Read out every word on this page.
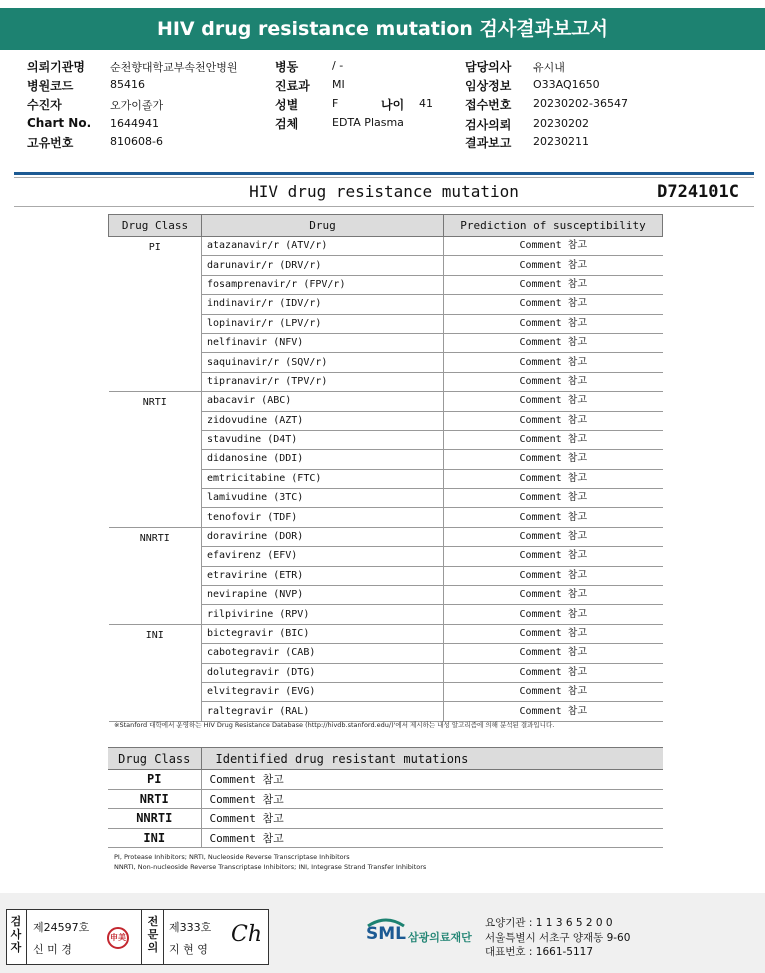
HIV drug resistance mutation 검사결과보고서
의뢰기관명 순천향대학교부속천안병원
병원코드	85416
수진자	오가이졸가
Chart No. 1644941
고유번호	810608-6
병동	/ -
진료과 MI
성별	F	나이 41
검체	EDTA Plasma
담당의사 유시내
임상정보 O33AQ1650
접수번호 20230202-36547
검사의뢰 20230202
결과보고 20230211
HIV drug resistance mutation	D724101C
Drug Class	Drug	Prediction of susceptibility
PI	atazanavir/r (ATV/r)	Comment 참고
	darunavir/r (DRV/r)	Comment 참고
	fosamprenavir/r (FPV/r)	Comment 참고
	indinavir/r (IDV/r)	Comment 참고
	lopinavir/r (LPV/r)	Comment 참고
	nelfinavir (NFV)	Comment 참고
	saquinavir/r (SQV/r)	Comment 참고
	tipranavir/r (TPV/r)	Comment 참고
NRTI	abacavir (ABC)	Comment 참고
	zidovudine (AZT)	Comment 참고
	stavudine (D4T)	Comment 참고
	didanosine (DDI)	Comment 참고
	emtricitabine (FTC)	Comment 참고
	lamivudine (3TC)	Comment 참고
	tenofovir (TDF)	Comment 참고
NNRTI	doravirine (DOR)	Comment 참고
	efavirenz (EFV)	Comment 참고
	etravirine (ETR)	Comment 참고
	nevirapine (NVP)	Comment 참고
	rilpivirine (RPV)	Comment 참고
INI	bictegravir (BIC)	Comment 참고
	cabotegravir (CAB)	Comment 참고
	dolutegravir (DTG)	Comment 참고
	elvitegravir (EVG)	Comment 참고
	raltegravir (RAL)	Comment 참고
※Stanford 대학에서 운영하는 HIV Drug Resistance Database (http://hivdb.stanford.edu/)'에서 제시하는 내성 알고리즘에 의해 분석된 결과입니다.
Drug Class	Identified drug resistant mutations
PI	Comment 참고
NRTI	Comment 참고
NNRTI	Comment 참고
INI	Comment 참고
PI, Protease Inhibitors; NRTI, Nucleoside Reverse Transcriptase Inhibitors
NNRTI, Non-nucleoside Reverse Transcriptase Inhibitors; INI, Integrase Strand Transfer Inhibitors
검사자
제24597호
신 미 경
申美
전문의
제333호
지 현 영
Ch	SML 삼광의료재단
요양기관 : 1 1 3 6 5 2 0 0
서울특별시 서초구 양재동 9-60
대표번호 : 1661-5117
